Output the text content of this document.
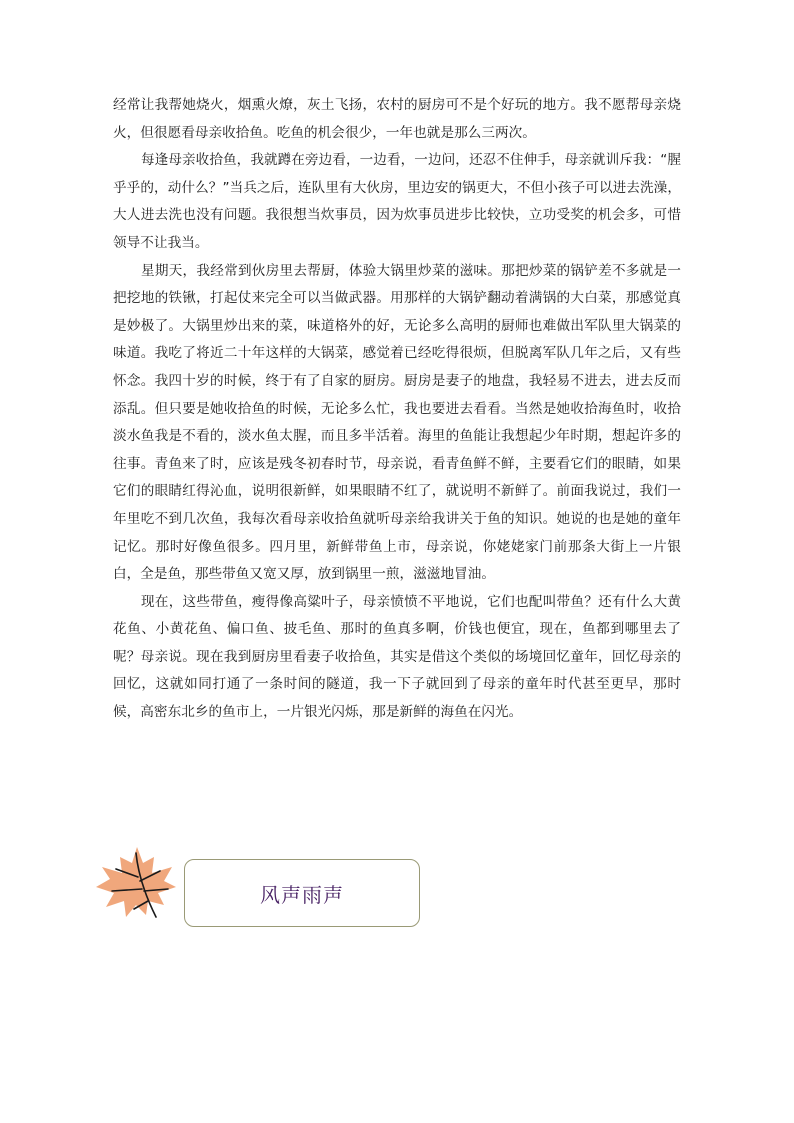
经常让我帮她烧火，烟熏火燎，灰土飞扬，农村的厨房可不是个好玩的地方。我不愿帮母亲烧火，但很愿看母亲收拾鱼。吃鱼的机会很少，一年也就是那么三两次。

每逢母亲收拾鱼，我就蹲在旁边看，一边看，一边问，还忍不住伸手，母亲就训斥我：“腥乎乎的，动什么？”当兵之后，连队里有大伙房，里边安的锅更大，不但小孩子可以进去洗澡，大人进去洗也没有问题。我很想当炊事员，因为炊事员进步比较快，立功受奖的机会多，可惜领导不让我当。

星期天，我经常到伙房里去帮厨，体验大锅里炒菜的滋味。那把炒菜的锅铲差不多就是一把挖地的铁锹，打起仗来完全可以当做武器。用那样的大锅铲翻动着满锅的大白菜，那感觉真是妙极了。大锅里炒出来的菜，味道格外的好，无论多么高明的厨师也难做出军队里大锅菜的味道。我吃了将近二十年这样的大锅菜，感觉着已经吃得很烦，但脱离军队几年之后，又有些怀念。我四十岁的时候，终于有了自家的厨房。厨房是妻子的地盘，我轻易不进去，进去反而添乱。但只要是她收拾鱼的时候，无论多么忙，我也要进去看看。当然是她收拾海鱼时，收拾淡水鱼我是不看的，淡水鱼太腥，而且多半活着。海里的鱼能让我想起少年时期，想起许多的往事。青鱼来了时，应该是残冬初春时节，母亲说，看青鱼鲜不鲜，主要看它们的眼睛，如果它们的眼睛红得沁血，说明很新鲜，如果眼睛不红了，就说明不新鲜了。前面我说过，我们一年里吃不到几次鱼，我每次看母亲收拾鱼就听母亲给我讲关于鱼的知识。她说的也是她的童年记忆。那时好像鱼很多。四月里，新鲜带鱼上市，母亲说，你姥姥家门前那条大街上一片银白，全是鱼，那些带鱼又宽又厚，放到锅里一煎，滋滋地冒油。

现在，这些带鱼，瘦得像高粱叶子，母亲愤愤不平地说，它们也配叫带鱼？还有什么大黄花鱼、小黄花鱼、偏口鱼、披毛鱼、那时的鱼真多啊，价钱也便宜，现在，鱼都到哪里去了呢？母亲说。现在我到厨房里看妻子收拾鱼，其实是借这个类似的场境回忆童年，回忆母亲的回忆，这就如同打通了一条时间的隧道，我一下子就回到了母亲的童年时代甚至更早，那时候，高密东北乡的鱼市上，一片银光闪烁，那是新鲜的海鱼在闪光。

风声雨声
